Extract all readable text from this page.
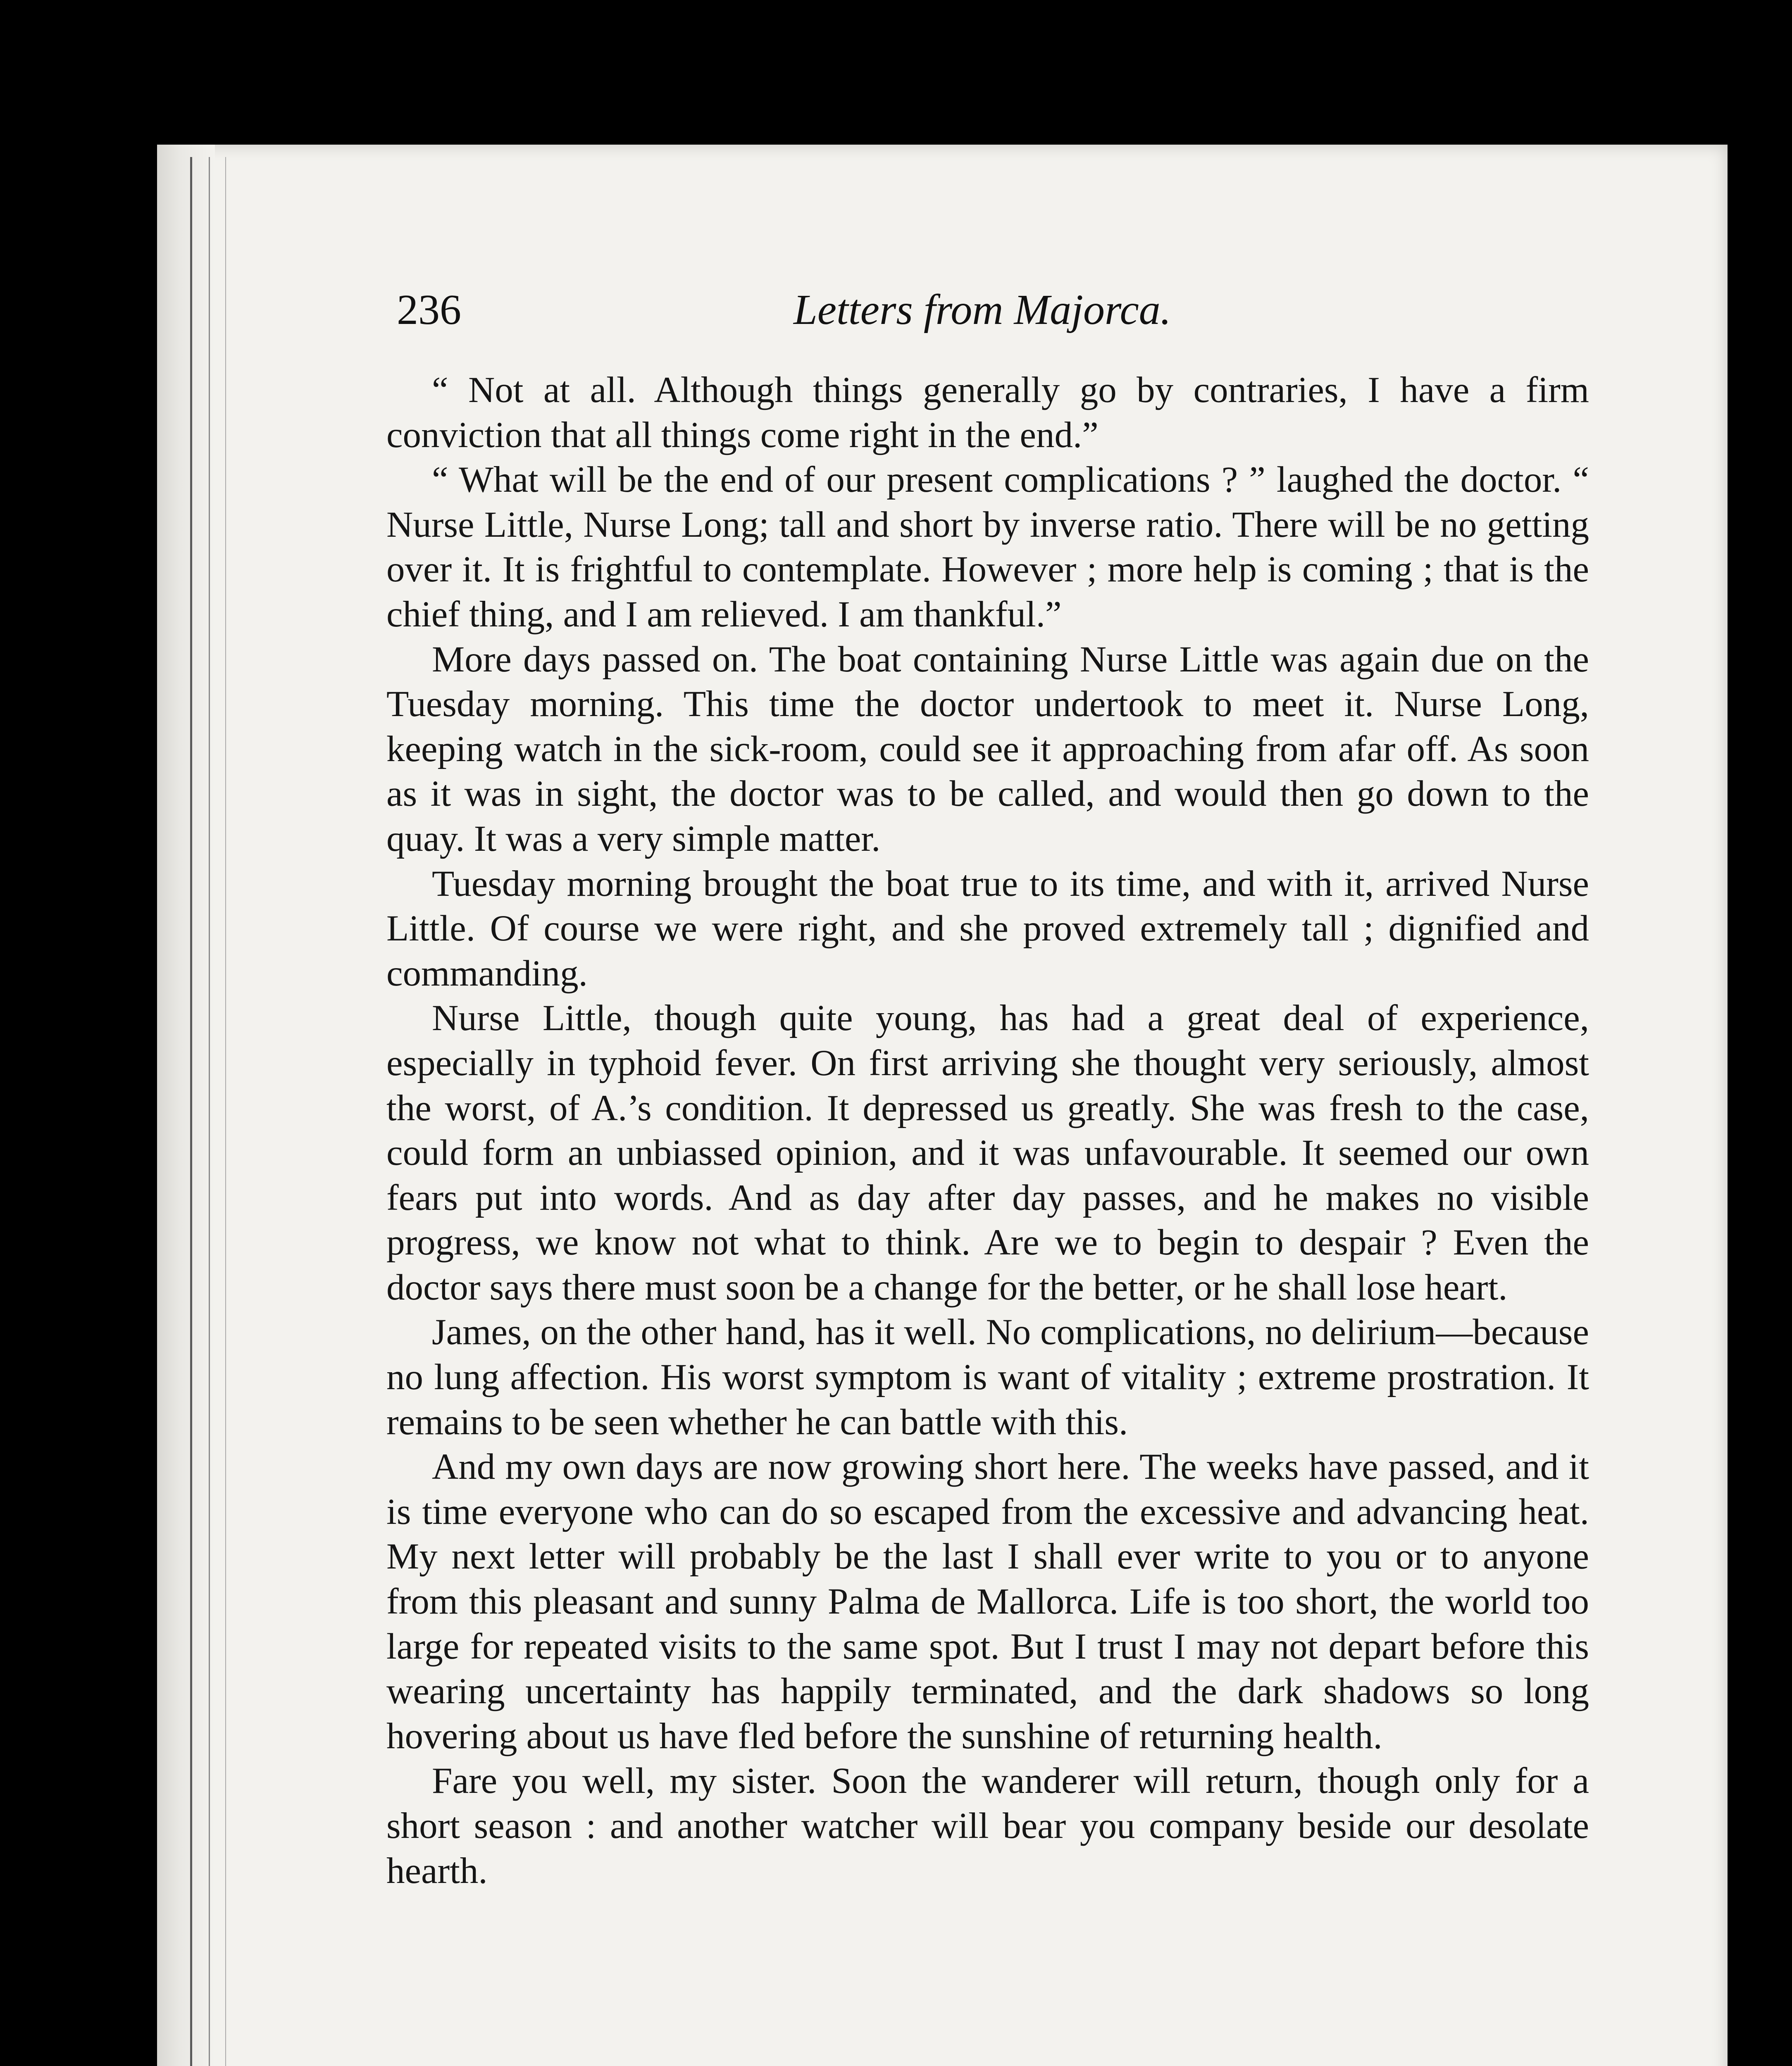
236	Letters from Majorca.

“ Not at all. Although things generally go by contraries, I have a firm conviction that all things come right in the end.”

“ What will be the end of our present complications ? ” laughed the doctor. “ Nurse Little, Nurse Long; tall and short by inverse ratio. There will be no getting over it. It is frightful to contemplate. However ; more help is coming ; that is the chief thing, and I am relieved. I am thankful.”

More days passed on. The boat containing Nurse Little was again due on the Tuesday morning. This time the doctor undertook to meet it. Nurse Long, keeping watch in the sick-room, could see it approaching from afar off. As soon as it was in sight, the doctor was to be called, and would then go down to the quay. It was a very simple matter.

Tuesday morning brought the boat true to its time, and with it, arrived Nurse Little. Of course we were right, and she proved extremely tall ; dignified and commanding.

Nurse Little, though quite young, has had a great deal of experience, especially in typhoid fever. On first arriving she thought very seriously, almost the worst, of A.’s condition. It depressed us greatly. She was fresh to the case, could form an unbiassed opinion, and it was unfavourable. It seemed our own fears put into words. And as day after day passes, and he makes no visible progress, we know not what to think. Are we to begin to despair ? Even the doctor says there must soon be a change for the better, or he shall lose heart.

James, on the other hand, has it well. No complications, no delirium—because no lung affection. His worst symptom is want of vitality ; extreme prostration. It remains to be seen whether he can battle with this.

And my own days are now growing short here. The weeks have passed, and it is time everyone who can do so escaped from the excessive and advancing heat. My next letter will probably be the last I shall ever write to you or to anyone from this pleasant and sunny Palma de Mallorca. Life is too short, the world too large for repeated visits to the same spot. But I trust I may not depart before this wearing uncertainty has happily terminated, and the dark shadows so long hovering about us have fled before the sunshine of returning health.

Fare you well, my sister. Soon the wanderer will return, though only for a short season : and another watcher will bear you company beside our desolate hearth.
